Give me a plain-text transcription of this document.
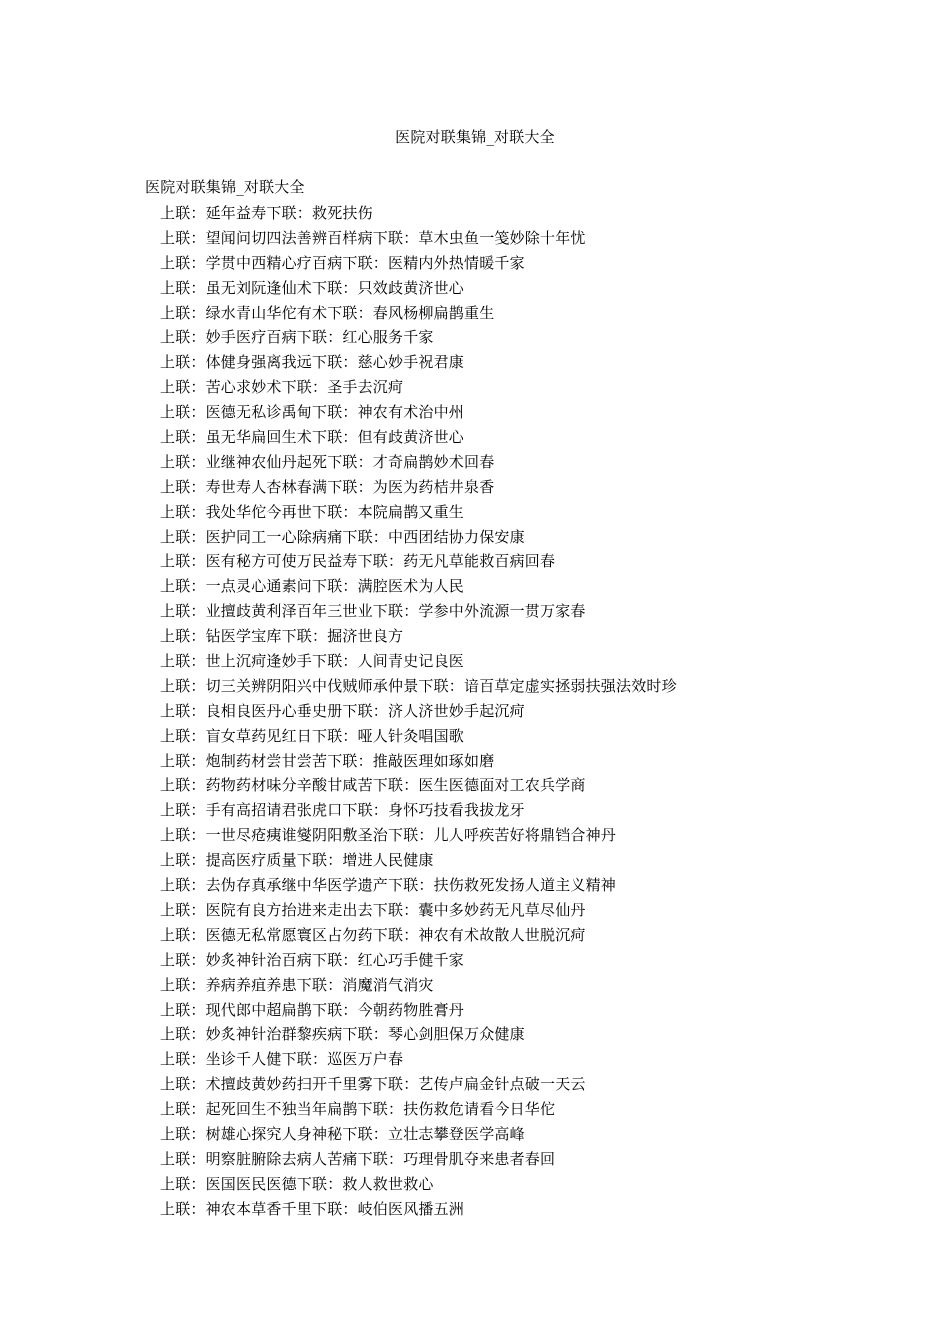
医院对联集锦_对联大全
医院对联集锦_对联大全
上联：延年益寿下联：救死扶伤
上联：望闻问切四法善辨百样病下联：草木虫鱼一笺妙除十年忧
上联：学贯中西精心疗百病下联：医精内外热情暖千家
上联：虽无刘阮逢仙术下联：只效歧黄济世心
上联：绿水青山华佗有术下联：春风杨柳扁鹊重生
上联：妙手医疗百病下联：红心服务千家
上联：体健身强离我远下联：慈心妙手祝君康
上联：苦心求妙术下联：圣手去沉疴
上联：医德无私诊禹甸下联：神农有术治中州
上联：虽无华扁回生术下联：但有歧黄济世心
上联：业继神农仙丹起死下联：才奇扁鹊妙术回春
上联：寿世寿人杏林春满下联：为医为药桔井泉香
上联：我处华佗今再世下联：本院扁鹊又重生
上联：医护同工一心除病痛下联：中西团结协力保安康
上联：医有秘方可使万民益寿下联：药无凡草能救百病回春
上联：一点灵心通素问下联：满腔医术为人民
上联：业擅歧黄利泽百年三世业下联：学参中外流源一贯万家春
上联：钻医学宝库下联：掘济世良方
上联：世上沉疴逢妙手下联：人间青史记良医
上联：切三关辨阴阳兴中伐贼师承仲景下联：谙百草定虚实拯弱扶强法效时珍
上联：良相良医丹心垂史册下联：济人济世妙手起沉疴
上联：盲女草药见红日下联：哑人针灸唱国歌
上联：炮制药材尝甘尝苦下联：推敲医理如琢如磨
上联：药物药材味分辛酸甘咸苦下联：医生医德面对工农兵学商
上联：手有高招请君张虎口下联：身怀巧技看我拔龙牙
上联：一世尽疮痍谁燮阴阳敷圣治下联：儿人呼疾苦好将鼎铛合神丹
上联：提高医疗质量下联：增进人民健康
上联：去伪存真承继中华医学遗产下联：扶伤救死发扬人道主义精神
上联：医院有良方抬进来走出去下联：囊中多妙药无凡草尽仙丹
上联：医德无私常愿寰区占勿药下联：神农有术故散人世脱沉疴
上联：妙炙神针治百病下联：红心巧手健千家
上联：养病养疽养患下联：消魔消气消灾
上联：现代郎中超扁鹊下联：今朝药物胜膏丹
上联：妙炙神针治群黎疾病下联：琴心剑胆保万众健康
上联：坐诊千人健下联：巡医万户春
上联：术擅歧黄妙药扫开千里雾下联：艺传卢扁金针点破一天云
上联：起死回生不独当年扁鹊下联：扶伤救危请看今日华佗
上联：树雄心探究人身神秘下联：立壮志攀登医学高峰
上联：明察脏腑除去病人苦痛下联：巧理骨肌夺来患者春回
上联：医国医民医德下联：救人救世救心
上联：神农本草香千里下联：岐伯医风播五洲
